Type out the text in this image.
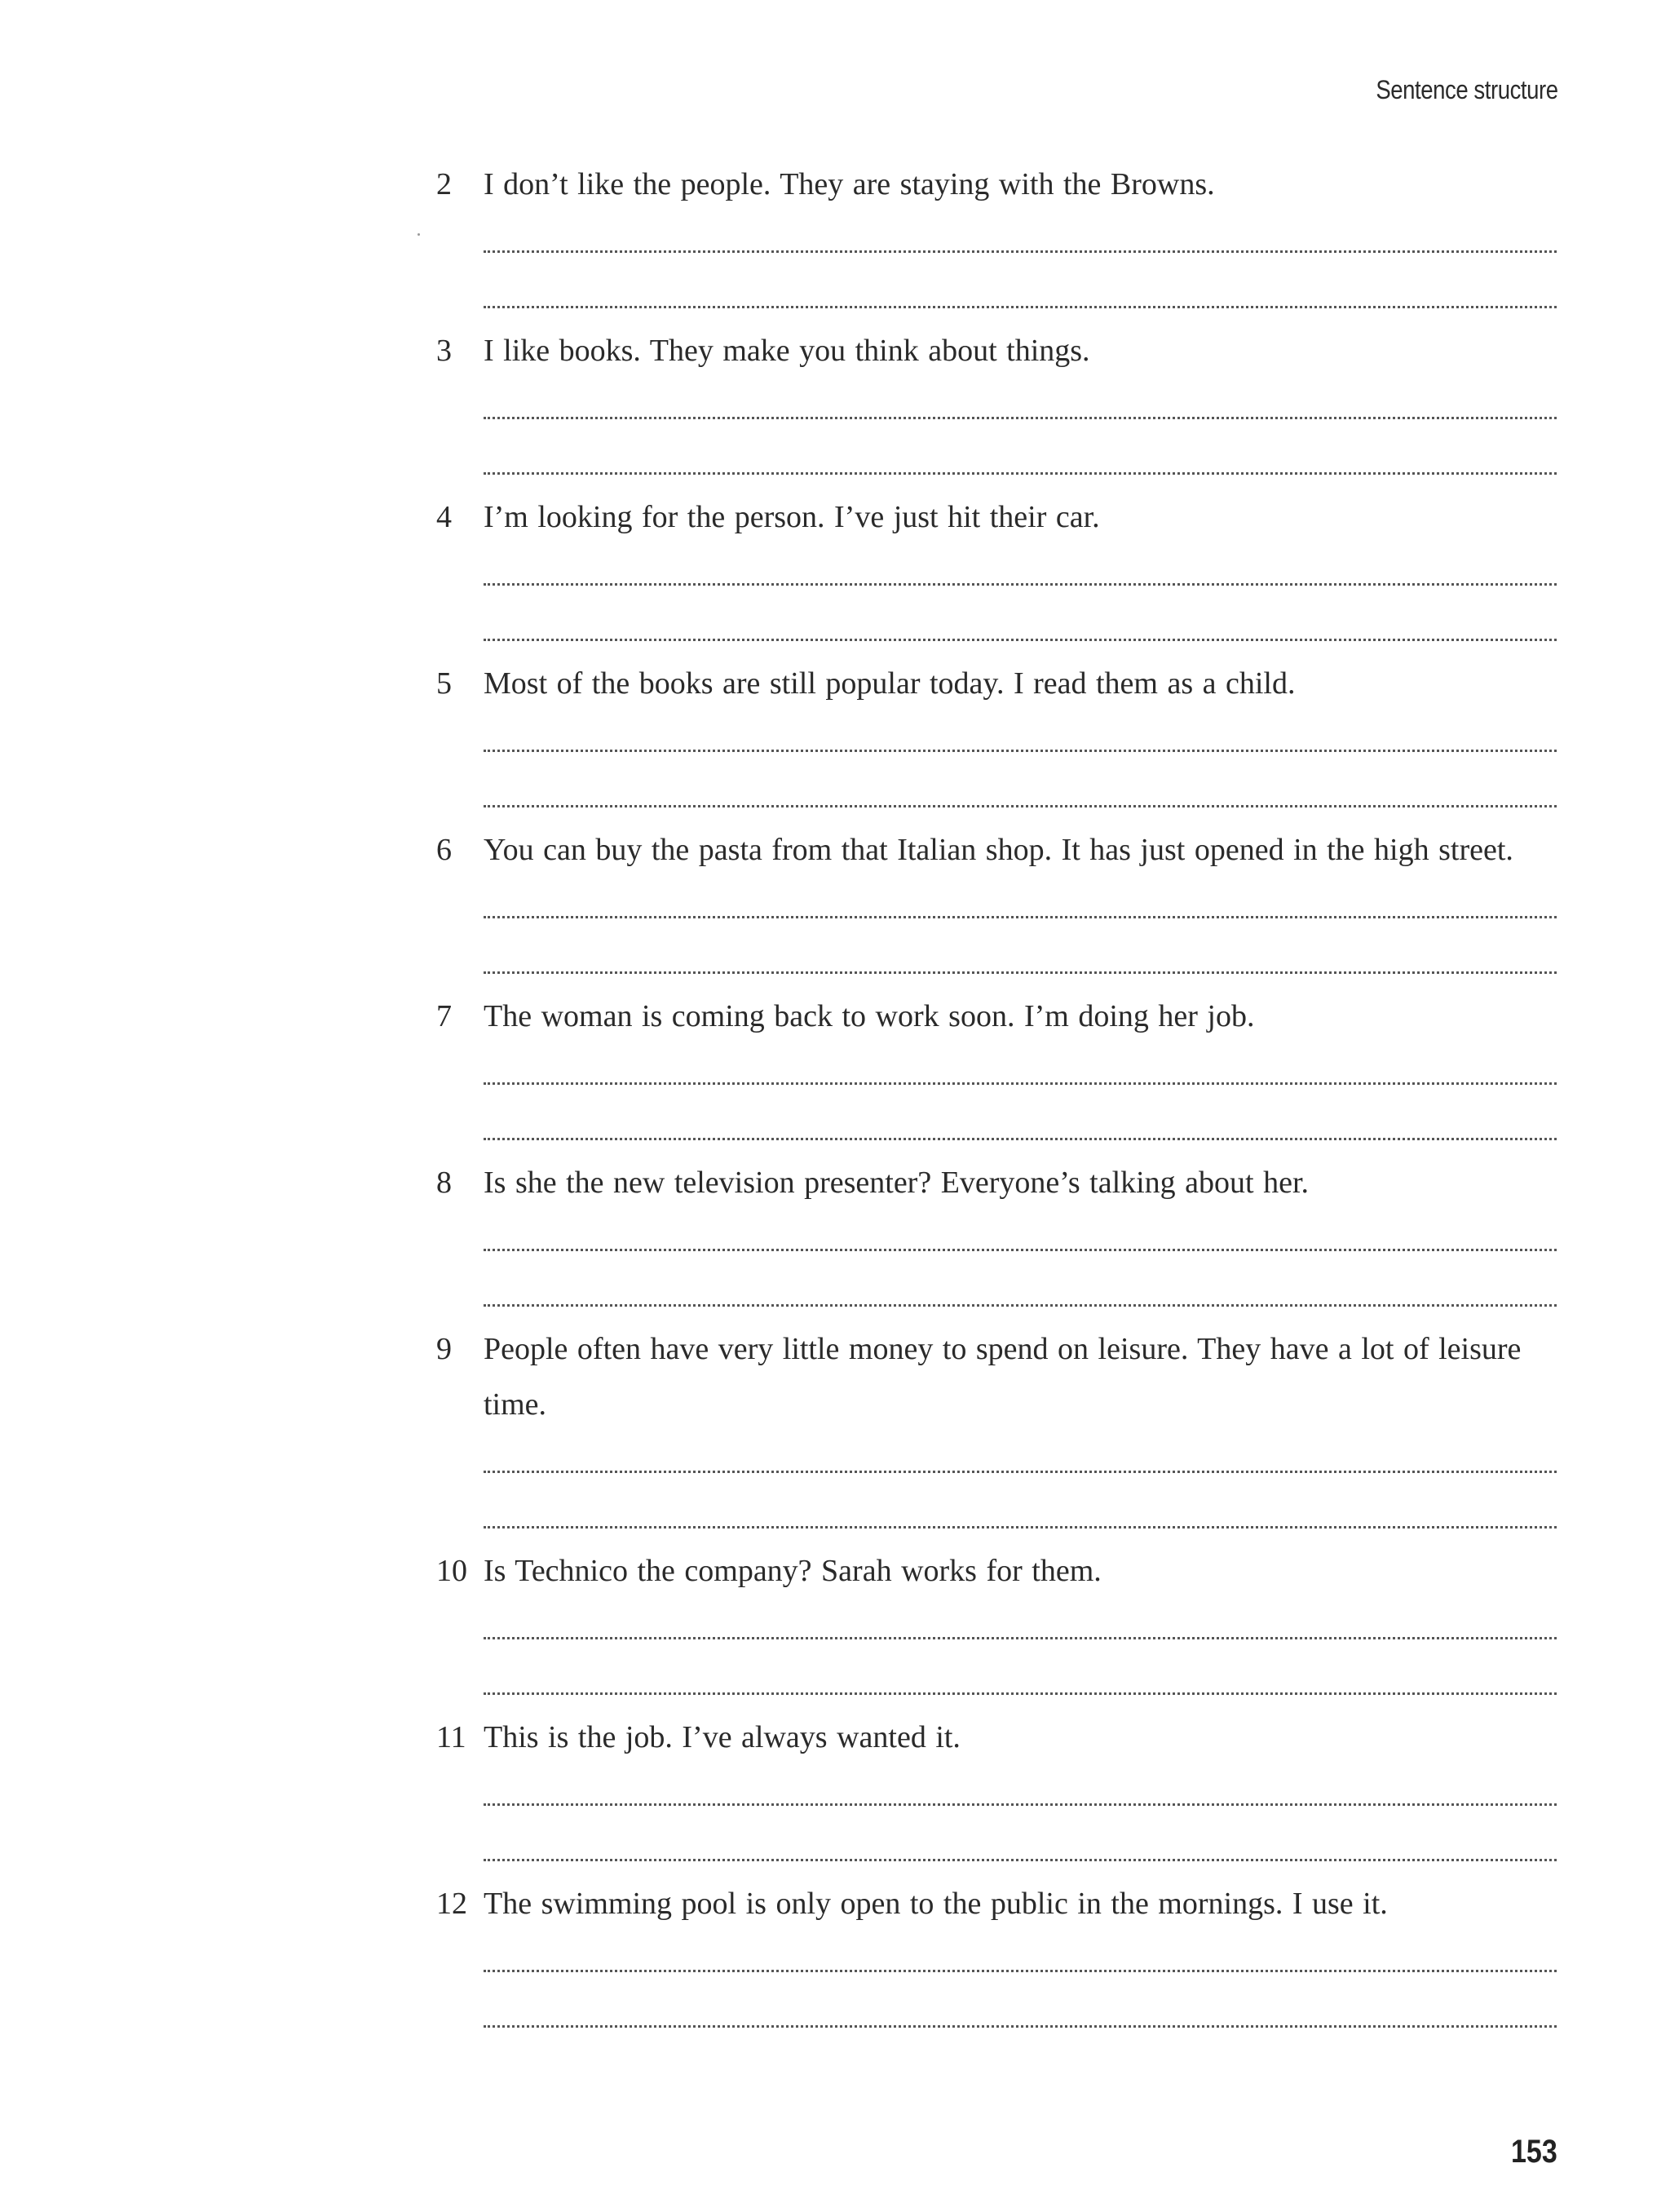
Sentence structure
2	I don’t like the people. They are staying with the Browns.
3	I like books. They make you think about things.
4	I’m looking for the person. I’ve just hit their car.
5	Most of the books are still popular today. I read them as a child.
6	You can buy the pasta from that Italian shop. It has just opened in the high street.
7	The woman is coming back to work soon. I’m doing her job.
8	Is she the new television presenter? Everyone’s talking about her.
9	People often have very little money to spend on leisure. They have a lot of leisure time.
10 Is Technico the company? Sarah works for them.
11 This is the job. I’ve always wanted it.
12 The swimming pool is only open to the public in the mornings. I use it.
153
